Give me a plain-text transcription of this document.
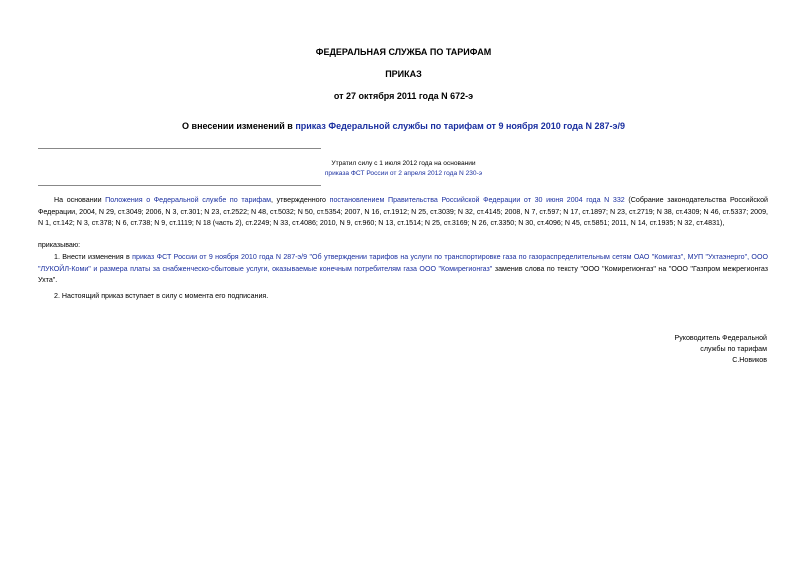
ФЕДЕРАЛЬНАЯ СЛУЖБА ПО ТАРИФАМ
ПРИКАЗ
от 27 октября 2011 года N 672-э
О внесении изменений в приказ Федеральной службы по тарифам от 9 ноября 2010 года N 287-э/9
Утратил силу с 1 июля 2012 года на основании
приказа ФСТ России от 2 апреля 2012 года N 230-э
На основании Положения о Федеральной службе по тарифам, утвержденного постановлением Правительства Российской Федерации от 30 июня 2004 года N 332 (Собрание законодательства Российской Федерации, 2004, N 29, ст.3049; 2006, N 3, ст.301; N 23, ст.2522; N 48, ст.5032; N 50, ст.5354; 2007, N 16, ст.1912; N 25, ст.3039; N 32, ст.4145; 2008, N 7, ст.597; N 17, ст.1897; N 23, ст.2719; N 38, ст.4309; N 46, ст.5337; 2009, N 1, ст.142; N 3, ст.378; N 6, ст.738; N 9, ст.1119; N 18 (часть 2), ст.2249; N 33, ст.4086; 2010, N 9, ст.960; N 13, ст.1514; N 25, ст.3169; N 26, ст.3350; N 30, ст.4096; N 45, ст.5851; 2011, N 14, ст.1935; N 32, ст.4831),
приказываю:
1. Внести изменения в приказ ФСТ России от 9 ноября 2010 года N 287-э/9 "Об утверждении тарифов на услуги по транспортировке газа по газораспределительным сетям ОАО "Комигаз", МУП "Ухтаэнерго", ООО "ЛУКОЙЛ-Коми" и размера платы за снабженческо-сбытовые услуги, оказываемые конечным потребителям газа ООО "Комирегионгаз" заменив слова по тексту "ООО "Комирегионгаз" на "ООО "Газпром межрегионгаз Ухта".
2. Настоящий приказ вступает в силу с момента его подписания.
Руководитель Федеральной
службы по тарифам
С.Новиков
